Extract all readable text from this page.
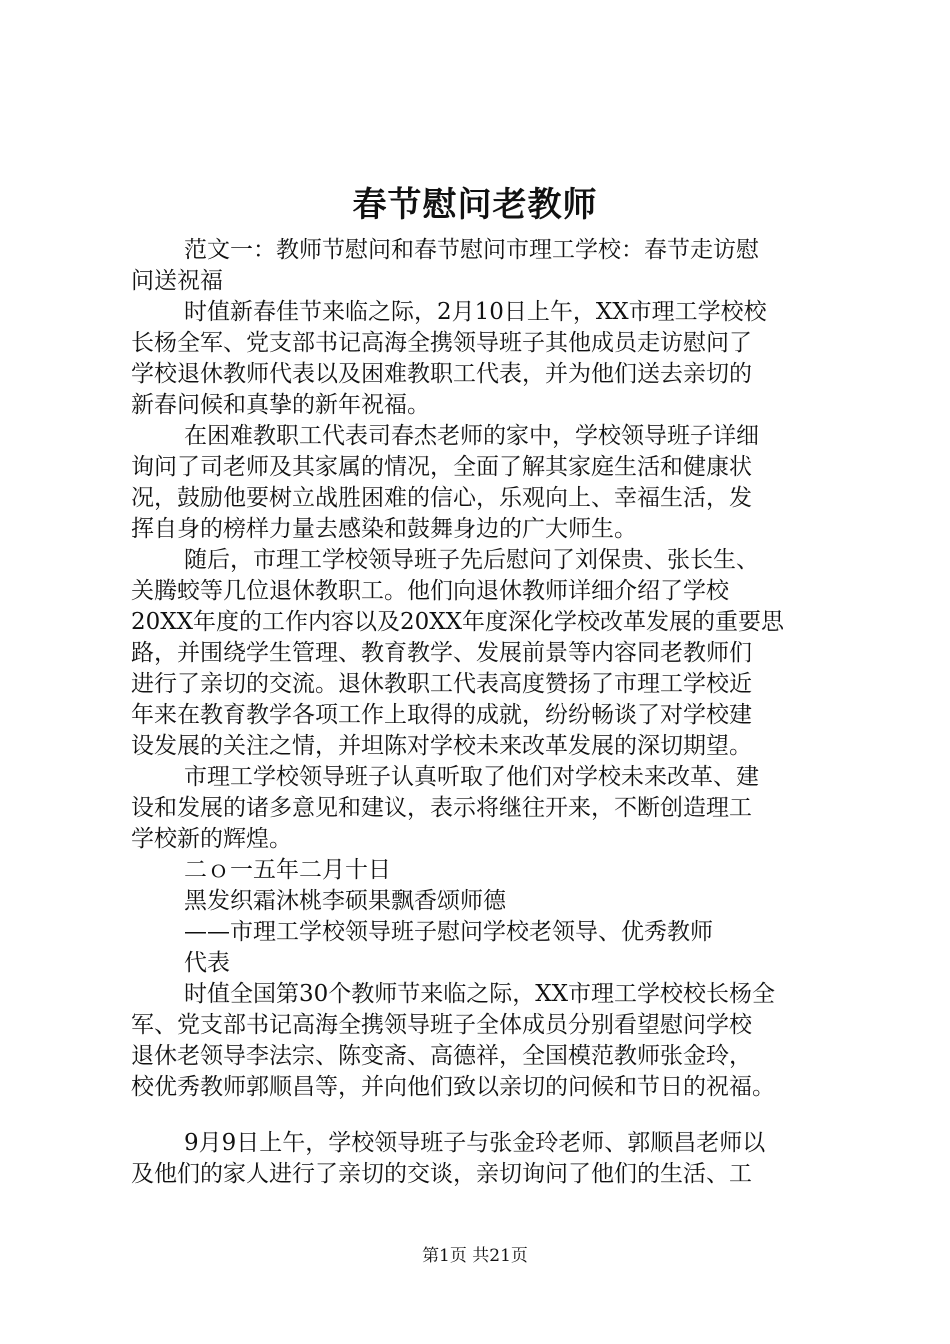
春节慰问老教师
范文一：教师节慰问和春节慰问市理工学校：春节走访慰
问送祝福
时值新春佳节来临之际，2月10日上午，XX市理工学校校
长杨全军、党支部书记高海全携领导班子其他成员走访慰问了
学校退休教师代表以及困难教职工代表，并为他们送去亲切的
新春问候和真挚的新年祝福。
在困难教职工代表司春杰老师的家中，学校领导班子详细
询问了司老师及其家属的情况，全面了解其家庭生活和健康状
况，鼓励他要树立战胜困难的信心，乐观向上、幸福生活，发
挥自身的榜样力量去感染和鼓舞身边的广大师生。
随后，市理工学校领导班子先后慰问了刘保贵、张长生、
关腾蛟等几位退休教职工。他们向退休教师详细介绍了学校
20XX年度的工作内容以及20XX年度深化学校改革发展的重要思
路，并围绕学生管理、教育教学、发展前景等内容同老教师们
进行了亲切的交流。退休教职工代表高度赞扬了市理工学校近
年来在教育教学各项工作上取得的成就，纷纷畅谈了对学校建
设发展的关注之情，并坦陈对学校未来改革发展的深切期望。
市理工学校领导班子认真听取了他们对学校未来改革、建
设和发展的诸多意见和建议，表示将继往开来，不断创造理工
学校新的辉煌。
二ｏ一五年二月十日
黑发织霜沐桃李硕果飘香颂师德
——市理工学校领导班子慰问学校老领导、优秀教师
代表
时值全国第30个教师节来临之际，XX市理工学校校长杨全
军、党支部书记高海全携领导班子全体成员分别看望慰问学校
退休老领导李法宗、陈变斋、高德祥，全国模范教师张金玲，
校优秀教师郭顺昌等，并向他们致以亲切的问候和节日的祝福。
9月9日上午，学校领导班子与张金玲老师、郭顺昌老师以
及他们的家人进行了亲切的交谈，亲切询问了他们的生活、工
第1页 共21页
